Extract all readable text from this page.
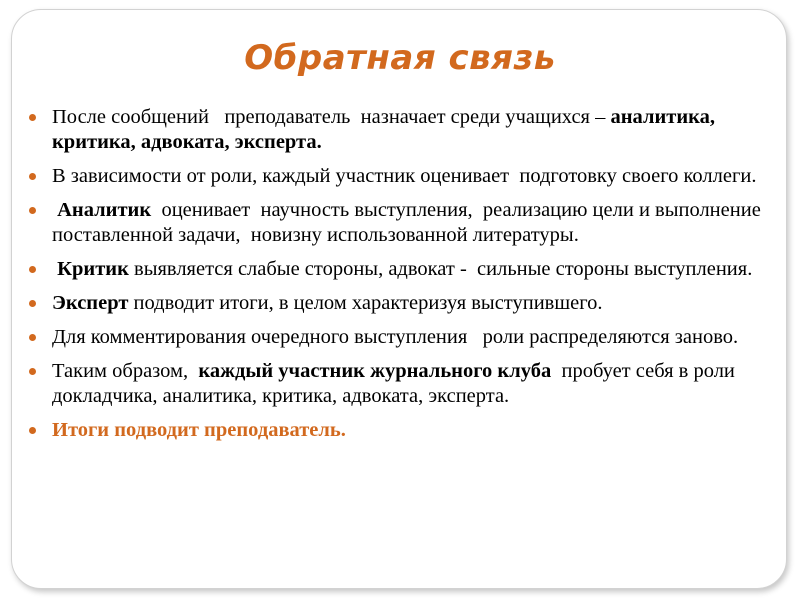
Обратная связь
После сообщений   преподаватель  назначает среди учащихся – аналитика, критика, адвоката, эксперта.
В зависимости от роли, каждый участник оценивает  подготовку своего коллеги.
Аналитик  оценивает  научность выступления,  реализацию цели и выполнение поставленной задачи,  новизну использованной литературы.
Критик выявляется слабые стороны, адвокат -  сильные стороны выступления.
Эксперт подводит итоги, в целом характеризуя выступившего.
Для комментирования очередного выступления   роли распределяются заново.
Таким образом,  каждый участник журнального клуба  пробует себя в роли докладчика, аналитика, критика, адвоката, эксперта.
Итоги подводит преподаватель.
